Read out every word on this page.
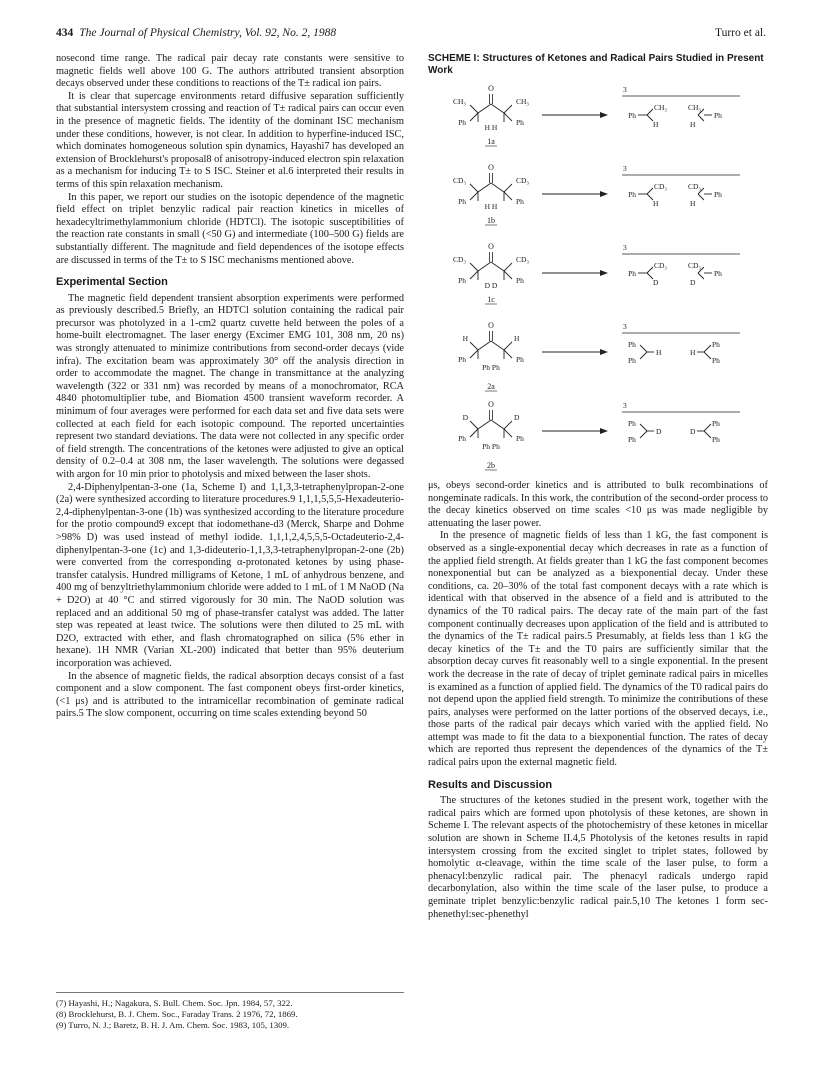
434 The Journal of Physical Chemistry, Vol. 92, No. 2, 1988	Turro et al.

nosecond time range. The radical pair decay rate constants were sensitive to magnetic fields well above 100 G. The authors attributed transient absorption decays observed under these conditions to reactions of the T± radical ion pairs.

It is clear that supercage environments retard diffusive separation sufficiently that substantial intersystem crossing and reaction of T± radical pairs can occur even in the presence of magnetic fields. The identity of the dominant ISC mechanism under these conditions, however, is not clear. In addition to hyperfine-induced ISC, which dominates homogeneous solution spin dynamics, Hayashi7 has developed an extension of Brocklehurst's proposal8 of anisotropy-induced electron spin relaxation as a mechanism for inducing T± to S ISC. Steiner et al.6 interpreted their results in terms of this spin relaxation mechanism.

In this paper, we report our studies on the isotopic dependence of the magnetic field effect on triplet benzylic radical pair reaction kinetics in micelles of hexadecyltrimethylammonium chloride (HDTCl). The isotopic susceptibilities of the reaction rate constants in small (<50 G) and intermediate (100–500 G) fields are substantially different. The magnitude and field dependences of the isotope effects are discussed in terms of the T± to S ISC mechanisms mentioned above.

Experimental Section

The magnetic field dependent transient absorption experiments were performed as previously described.5 Briefly, an HDTCl solution containing the radical pair precursor was photolyzed in a 1-cm2 quartz cuvette held between the poles of a home-built electromagnet. The laser energy (Excimer EMG 101, 308 nm, 20 ns) was strongly attenuated to minimize contributions from second-order decays (vide infra). The excitation beam was approximately 30° off the analysis direction in order to accommodate the magnet. The change in transmittance at the analyzing wavelength (322 or 331 nm) was recorded by means of a monochromator, RCA 4840 photomultiplier tube, and Biomation 4500 transient waveform recorder. A minimum of four averages were performed for each data set and five data sets were collected at each field for each isotopic compound. The reported uncertainties represent two standard deviations. The data were not collected in any specific order of field strength. The concentrations of the ketones were adjusted to give an optical density of 0.2–0.4 at 308 nm, the laser wavelength. The solutions were degassed with argon for 10 min prior to photolysis and mixed between the laser shots.

2,4-Diphenylpentan-3-one (1a, Scheme I) and 1,1,3,3-tetraphenylpropan-2-one (2a) were synthesized according to literature procedures.9 1,1,1,5,5,5-Hexadeuterio-2,4-diphenylpentan-3-one (1b) was synthesized according to the literature procedure for the protio compound9 except that iodomethane-d3 (Merck, Sharpe and Dohme >98% D) was used instead of methyl iodide. 1,1,1,2,4,5,5,5-Octadeuterio-2,4-diphenylpentan-3-one (1c) and 1,3-dideuterio-1,1,3,3-tetraphenylpropan-2-one (2b) were converted from the corresponding α-protonated ketones by using phase-transfer catalysis. Hundred milligrams of Ketone, 1 mL of anhydrous benzene, and 400 mg of benzyltriethylammonium chloride were added to 1 mL of 1 M NaOD (Na + D2O) at 40 °C and stirred vigorously for 30 min. The NaOD solution was replaced and an additional 50 mg of phase-transfer catalyst was added. The latter step was repeated at least twice. The solutions were then diluted to 25 mL with D2O, extracted with ether, and flash chromatographed on silica (5% ether in hexane). 1H NMR (Varian XL-200) indicated that better than 95% deuterium incorporation was achieved.

In the absence of magnetic fields, the radical absorption decays consist of a fast component and a slow component. The fast component obeys first-order kinetics, (<1 μs) and is attributed to the intramicellar recombination of geminate radical pairs.5 The slow component, occurring on time scales extending beyond 50

(7) Hayashi, H.; Nagakura, S. Bull. Chem. Soc. Jpn. 1984, 57, 322.
(8) Brocklehurst, B. J. Chem. Soc., Faraday Trans. 2 1976, 72, 1869.
(9) Turro, N. J.; Baretz, B. H. J. Am. Chem. Soc. 1983, 105, 1309.
SCHEME I: Structures of Ketones and Radical Pairs Studied in Present Work
O
CH₃	CH₃
Ph	Ph
H H
1a
3
Ph
CH₃
H
CH₃
H
Ph
O
CD₃	CD₃
Ph	Ph
H H
1b
3
Ph
CD₃
H
CD₃
H
Ph
O
CD₃	CD₃
Ph	Ph
D D
1c
3
Ph
CD₃
D
CD₃
D
Ph
O
H	H
Ph	Ph
Ph Ph
2a
3
Ph
Ph
H	H
Ph
Ph
O
D	D
Ph	Ph
Ph Ph
2b
3
Ph
Ph
D	D
Ph
Ph

μs, obeys second-order kinetics and is attributed to bulk recombinations of nongeminate radicals. In this work, the contribution of the second-order process to the decay kinetics observed on time scales <10 μs was made negligible by attenuating the laser power.

In the presence of magnetic fields of less than 1 kG, the fast component is observed as a single-exponential decay which decreases in rate as a function of the applied field strength. At fields greater than 1 kG the fast component becomes nonexponential but can be analyzed as a biexponential decay. Under these conditions, ca. 20–30% of the total fast component decays with a rate which is identical with that observed in the absence of a field and is attributed to the dynamics of the T0 radical pairs. The decay rate of the main part of the fast component continually decreases upon application of the field and is attributed to the dynamics of the T± radical pairs.5 Presumably, at fields less than 1 kG the decay kinetics of the T± and the T0 pairs are sufficiently similar that the absorption decay curves fit reasonably well to a single exponential. In the present work the decrease in the rate of decay of triplet geminate radical pairs in micelles is examined as a function of applied field. The dynamics of the T0 radical pairs do not depend upon the applied field strength. To minimize the contributions of these pairs, analyses were performed on the latter portions of the observed decays, i.e., those parts of the radical pair decays which varied with the applied field. No attempt was made to fit the data to a biexponential function. The rates of decay which are reported thus represent the dependences of the dynamics of the T± radical pairs upon the external magnetic field.

Results and Discussion

The structures of the ketones studied in the present work, together with the radical pairs which are formed upon photolysis of these ketones, are shown in Scheme I. The relevant aspects of the photochemistry of these ketones in micellar solution are shown in Scheme II.4,5 Photolysis of the ketones results in rapid intersystem crossing from the excited singlet to triplet states, followed by homolytic α-cleavage, within the time scale of the laser pulse, to form a phenacyl:benzylic radical pair. The phenacyl radicals undergo rapid decarbonylation, also within the time scale of the laser pulse, to produce a geminate triplet benzylic:benzylic radical pair.5,10 The ketones 1 form sec-phenethyl:sec-phenethyl
